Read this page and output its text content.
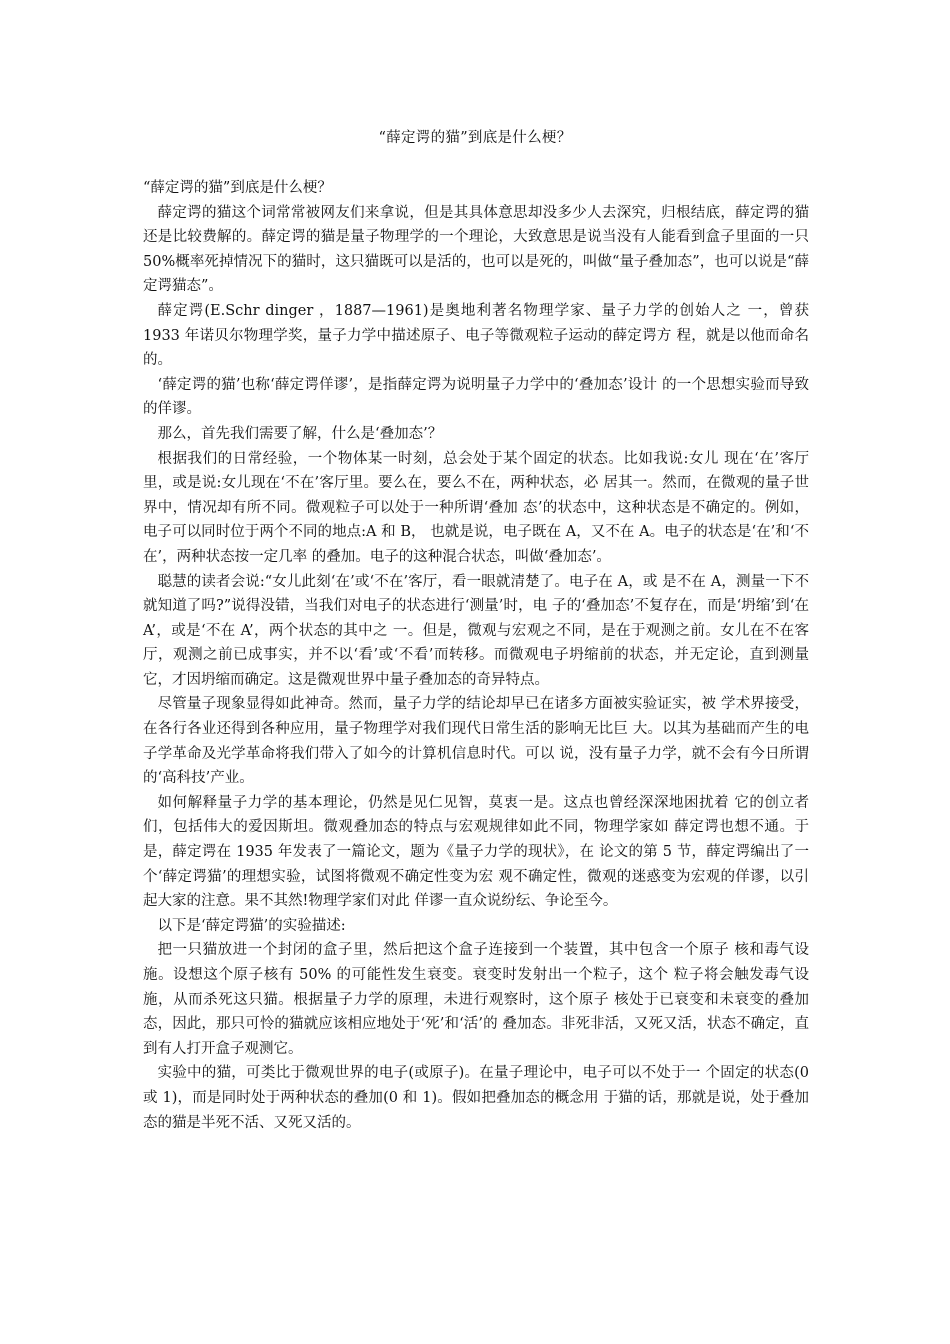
“薛定谔的猫”到底是什么梗？

“薛定谔的猫”到底是什么梗？

薛定谔的猫这个词常常被网友们来拿说，但是其具体意思却没多少人去深究，归根结底，薛定谔的猫还是比较费解的。薛定谔的猫是量子物理学的一个理论，大致意思是说当没有人能看到盒子里面的一只 50%概率死掉情况下的猫时，这只猫既可以是活的，也可以是死的，叫做“量子叠加态”，也可以说是“薛定谔猫态”。

薛定谔(E.Schr dinger ，1887—1961)是奥地利著名物理学家、量子力学的创始人之 一，曾获 1933 年诺贝尔物理学奖，量子力学中描述原子、电子等微观粒子运动的薛定谔方 程，就是以他而命名的。

‘薛定谔的猫’也称‘薛定谔佯谬’，是指薛定谔为说明量子力学中的‘叠加态’设计 的一个思想实验而导致的佯谬。

那么，首先我们需要了解，什么是‘叠加态’？

根据我们的日常经验，一个物体某一时刻，总会处于某个固定的状态。比如我说:女儿 现在‘在’客厅里，或是说:女儿现在‘不在’客厅里。要么在，要么不在，两种状态，必 居其一。然而，在微观的量子世界中，情况却有所不同。微观粒子可以处于一种所谓‘叠加 态’的状态中，这种状态是不确定的。例如，电子可以同时位于两个不同的地点:A 和 B， 也就是说，电子既在 A，又不在 A。电子的状态是‘在’和‘不在’，两种状态按一定几率 的叠加。电子的这种混合状态，叫做‘叠加态’。

聪慧的读者会说:“女儿此刻‘在’或‘不在’客厅，看一眼就清楚了。电子在 A，或 是不在 A，测量一下不就知道了吗?”说得没错，当我们对电子的状态进行‘测量’时，电 子的‘叠加态’不复存在，而是‘坍缩’到‘在 A’，或是‘不在 A’，两个状态的其中之 一。但是，微观与宏观之不同，是在于观测之前。女儿在不在客厅，观测之前已成事实，并不以‘看’或‘不看’而转移。而微观电子坍缩前的状态，并无定论，直到测量它，才因坍缩而确定。这是微观世界中量子叠加态的奇异特点。

尽管量子现象显得如此神奇。然而，量子力学的结论却早已在诸多方面被实验证实，被 学术界接受，在各行各业还得到各种应用，量子物理学对我们现代日常生活的影响无比巨 大。以其为基础而产生的电子学革命及光学革命将我们带入了如今的计算机信息时代。可以 说，没有量子力学，就不会有今日所谓的‘高科技’产业。

如何解释量子力学的基本理论，仍然是见仁见智，莫衷一是。这点也曾经深深地困扰着 它的创立者们，包括伟大的爱因斯坦。微观叠加态的特点与宏观规律如此不同，物理学家如 薛定谔也想不通。于是，薛定谔在 1935 年发表了一篇论文，题为《量子力学的现状》，在 论文的第 5 节，薛定谔编出了一个‘薛定谔猫’的理想实验，试图将微观不确定性变为宏 观不确定性，微观的迷惑变为宏观的佯谬，以引起大家的注意。果不其然!物理学家们对此 佯谬一直众说纷纭、争论至今。

以下是‘薛定谔猫’的实验描述:

把一只猫放进一个封闭的盒子里，然后把这个盒子连接到一个装置，其中包含一个原子 核和毒气设施。设想这个原子核有 50% 的可能性发生衰变。衰变时发射出一个粒子，这个 粒子将会触发毒气设施，从而杀死这只猫。根据量子力学的原理，未进行观察时，这个原子 核处于已衰变和未衰变的叠加态，因此，那只可怜的猫就应该相应地处于‘死’和‘活’的 叠加态。非死非活，又死又活，状态不确定，直到有人打开盒子观测它。

实验中的猫，可类比于微观世界的电子(或原子)。在量子理论中，电子可以不处于一 个固定的状态(0 或 1)，而是同时处于两种状态的叠加(0 和 1)。假如把叠加态的概念用 于猫的话，那就是说，处于叠加态的猫是半死不活、又死又活的。
